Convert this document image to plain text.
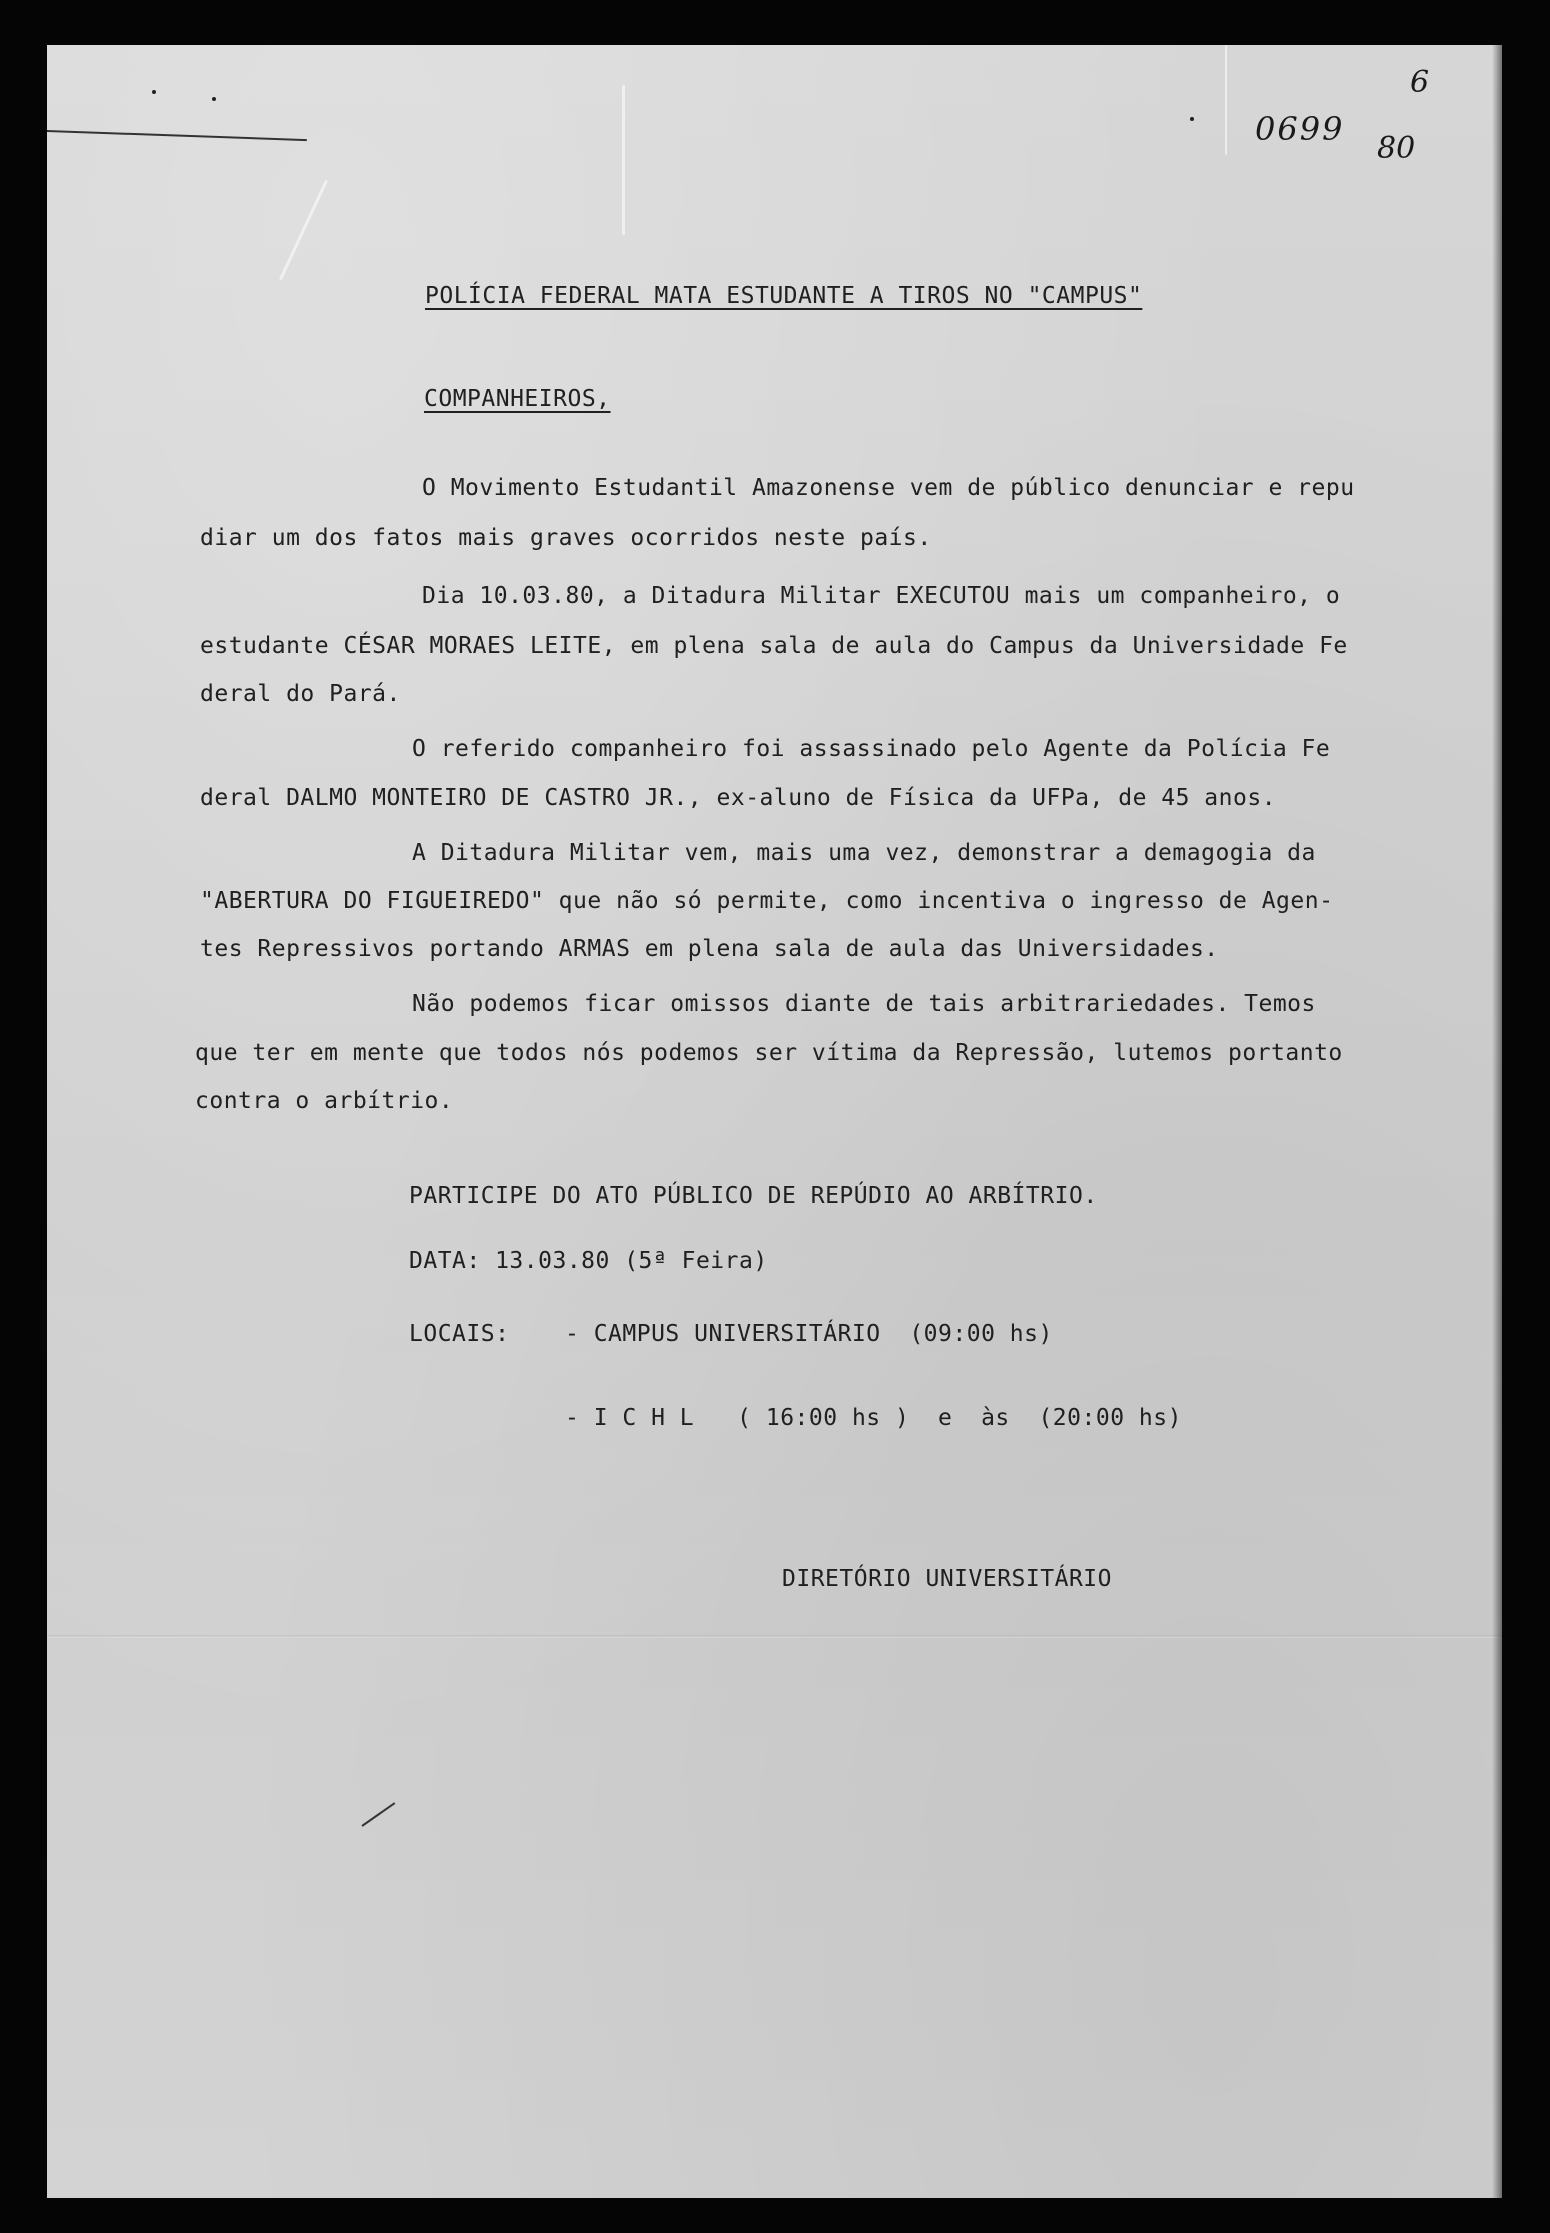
0699
80
6
POLÍCIA FEDERAL MATA ESTUDANTE A TIROS NO "CAMPUS"
COMPANHEIROS,
O Movimento Estudantil Amazonense vem de público denunciar e repu
diar um dos fatos mais graves ocorridos neste país.
Dia 10.03.80, a Ditadura Militar EXECUTOU mais um companheiro, o
estudante CÉSAR MORAES LEITE, em plena sala de aula do Campus da Universidade Fe
deral do Pará.
O referido companheiro foi assassinado pelo Agente da Polícia Fe
deral DALMO MONTEIRO DE CASTRO JR., ex-aluno de Física da UFPa, de 45 anos.
A Ditadura Militar vem, mais uma vez, demonstrar a demagogia da
"ABERTURA DO FIGUEIREDO" que não só permite, como incentiva o ingresso de Agen-
tes Repressivos portando ARMAS em plena sala de aula das Universidades.
Não podemos ficar omissos diante de tais arbitrariedades. Temos
que ter em mente que todos nós podemos ser vítima da Repressão, lutemos portanto
contra o arbítrio.
PARTICIPE DO ATO PÚBLICO DE REPÚDIO AO ARBÍTRIO.
DATA: 13.03.80 (5ª Feira)
LOCAIS: - CAMPUS UNIVERSITÁRIO  (09:00 hs)
- I C H L   ( 16:00 hs )  e  às  (20:00 hs)
DIRETÓRIO UNIVERSITÁRIO
